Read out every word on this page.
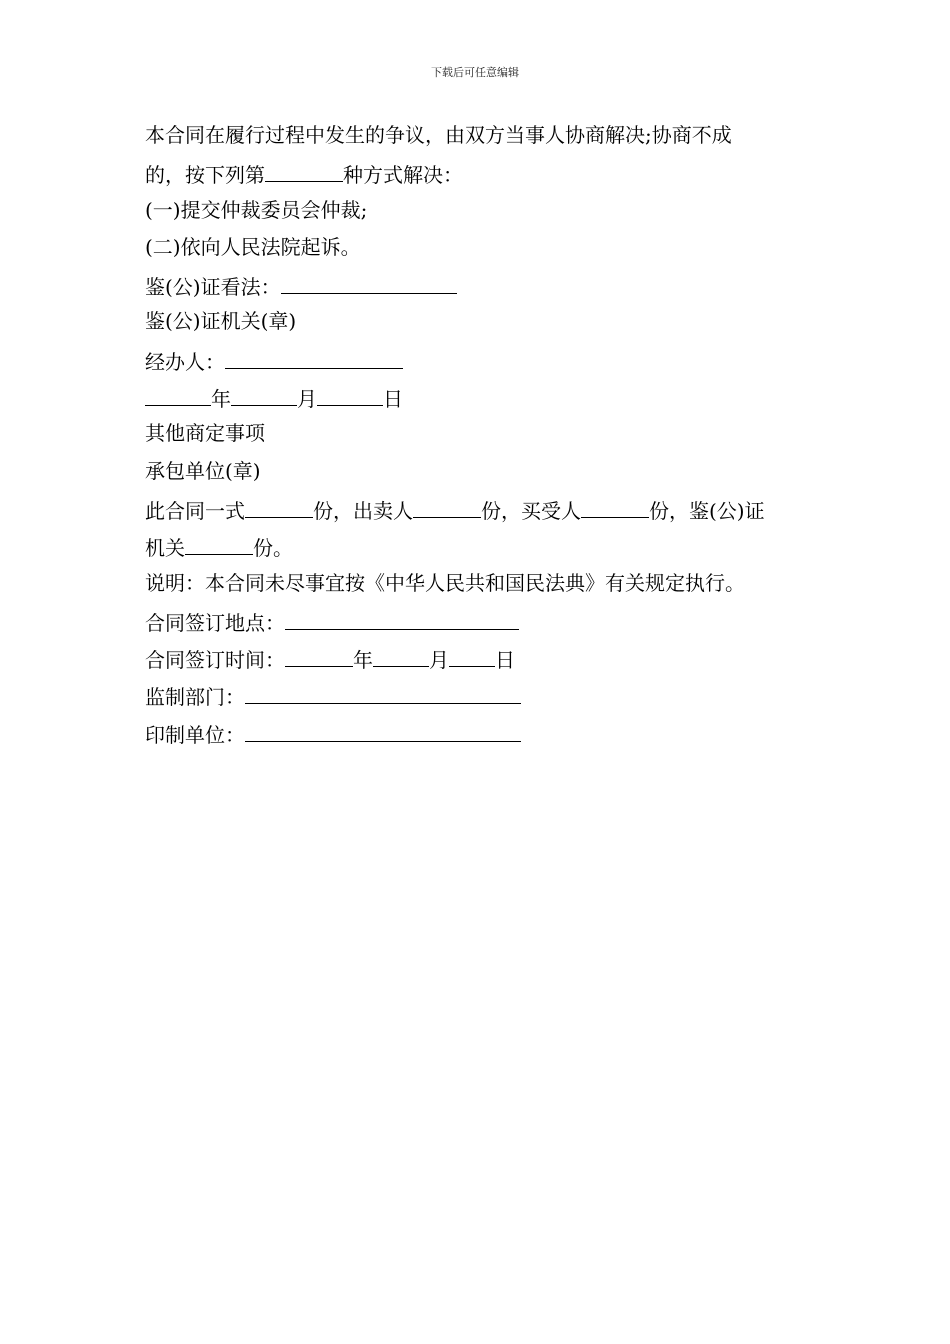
下载后可任意编辑
本合同在履行过程中发生的争议，由双方当事人协商解决;协商不成
的，按下列第	种方式解决：
(一)提交仲裁委员会仲裁;
(二)依向人民法院起诉。
鉴(公)证看法：
鉴(公)证机关(章)
经办人：
年	月	日
其他商定事项
承包单位(章)
此合同一式	份，出卖人	份，买受人	份，鉴(公)证
机关	份。
说明：本合同未尽事宜按《中华人民共和国民法典》有关规定执行。
合同签订地点：
合同签订时间：	年	月 日
监制部门：
印制单位：
